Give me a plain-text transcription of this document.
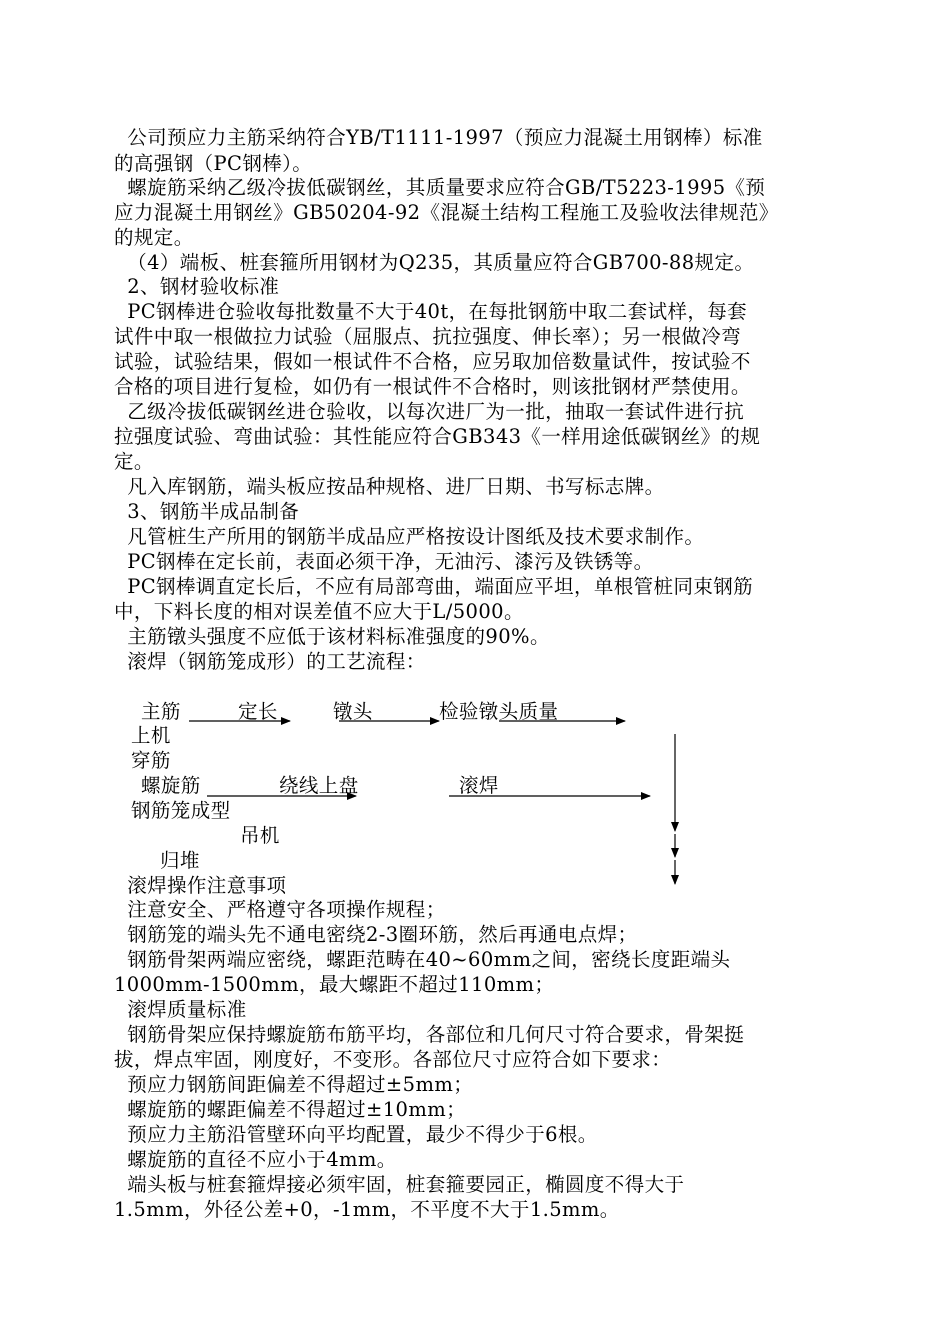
公司预应力主筋采纳符合YB/T1111-1997（预应力混凝土用钢棒）标准
的高强钢（PC钢棒）。
螺旋筋采纳乙级冷拔低碳钢丝，其质量要求应符合GB/T5223-1995《预
应力混凝土用钢丝》GB50204-92《混凝土结构工程施工及验收法律规范》
的规定。
（4）端板、桩套箍所用钢材为Q235，其质量应符合GB700-88规定。
2、钢材验收标准
PC钢棒进仓验收每批数量不大于40t，在每批钢筋中取二套试样，每套
试件中取一根做拉力试验（屈服点、抗拉强度、伸长率）；另一根做冷弯
试验，试验结果，假如一根试件不合格，应另取加倍数量试件，按试验不
合格的项目进行复检，如仍有一根试件不合格时，则该批钢材严禁使用。
乙级冷拔低碳钢丝进仓验收，以每次进厂为一批，抽取一套试件进行抗
拉强度试验、弯曲试验：其性能应符合GB343《一样用途低碳钢丝》的规
定。
凡入库钢筋，端头板应按品种规格、进厂日期、书写标志牌。
3、钢筋半成品制备
凡管桩生产所用的钢筋半成品应严格按设计图纸及技术要求制作。
PC钢棒在定长前，表面必须干净，无油污、漆污及铁锈等。
PC钢棒调直定长后，不应有局部弯曲，端面应平坦，单根管桩同束钢筋
中，下料长度的相对误差值不应大于L/5000。
主筋镦头强度不应低于该材料标准强度的90%。
滚焊（钢筋笼成形）的工艺流程：
主筋	定长	镦头	检验镦头质量
上机
穿筋
螺旋筋	绕线上盘	滚焊
钢筋笼成型
吊机
归堆
滚焊操作注意事项
注意安全、严格遵守各项操作规程；
钢筋笼的端头先不通电密绕2-3圈环筋，然后再通电点焊；
钢筋骨架两端应密绕，螺距范畴在40~60mm之间，密绕长度距端头
1000mm-1500mm，最大螺距不超过110mm；
滚焊质量标准
钢筋骨架应保持螺旋筋布筋平均，各部位和几何尺寸符合要求，骨架挺
拔，焊点牢固，刚度好，不变形。各部位尺寸应符合如下要求：
预应力钢筋间距偏差不得超过±5mm；
螺旋筋的螺距偏差不得超过±10mm；
预应力主筋沿管壁环向平均配置，最少不得少于6根。
螺旋筋的直径不应小于4mm。
端头板与桩套箍焊接必须牢固，桩套箍要园正，椭圆度不得大于
1.5mm，外径公差+0，-1mm，不平度不大于1.5mm。
